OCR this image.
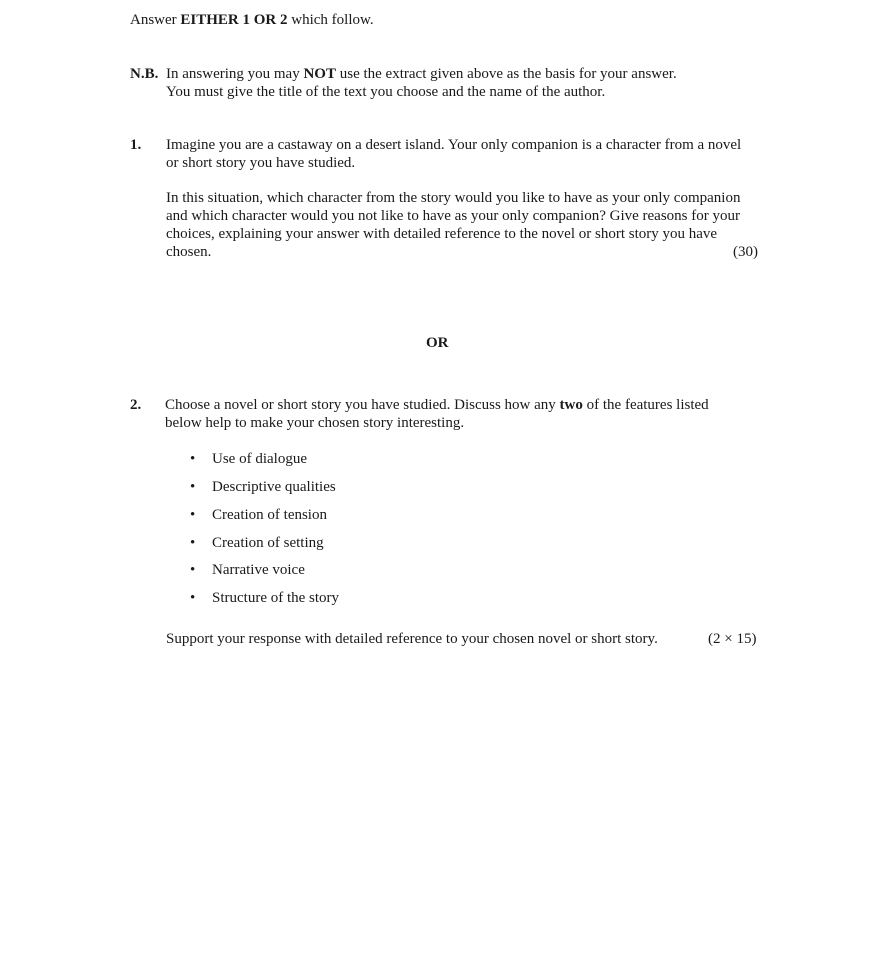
Answer EITHER 1 OR 2 which follow.
N.B. In answering you may NOT use the extract given above as the basis for your answer.
You must give the title of the text you choose and the name of the author.
1. Imagine you are a castaway on a desert island. Your only companion is a character from a novel
or short story you have studied.
In this situation, which character from the story would you like to have as your only companion
and which character would you not like to have as your only companion? Give reasons for your
choices, explaining your answer with detailed reference to the novel or short story you have
chosen.	(30)
OR
2. Choose a novel or short story you have studied. Discuss how any two of the features listed
below help to make your chosen story interesting.
• Use of dialogue
• Descriptive qualities
• Creation of tension
• Creation of setting
• Narrative voice
• Structure of the story
Support your response with detailed reference to your chosen novel or short story.	(2 × 15)
